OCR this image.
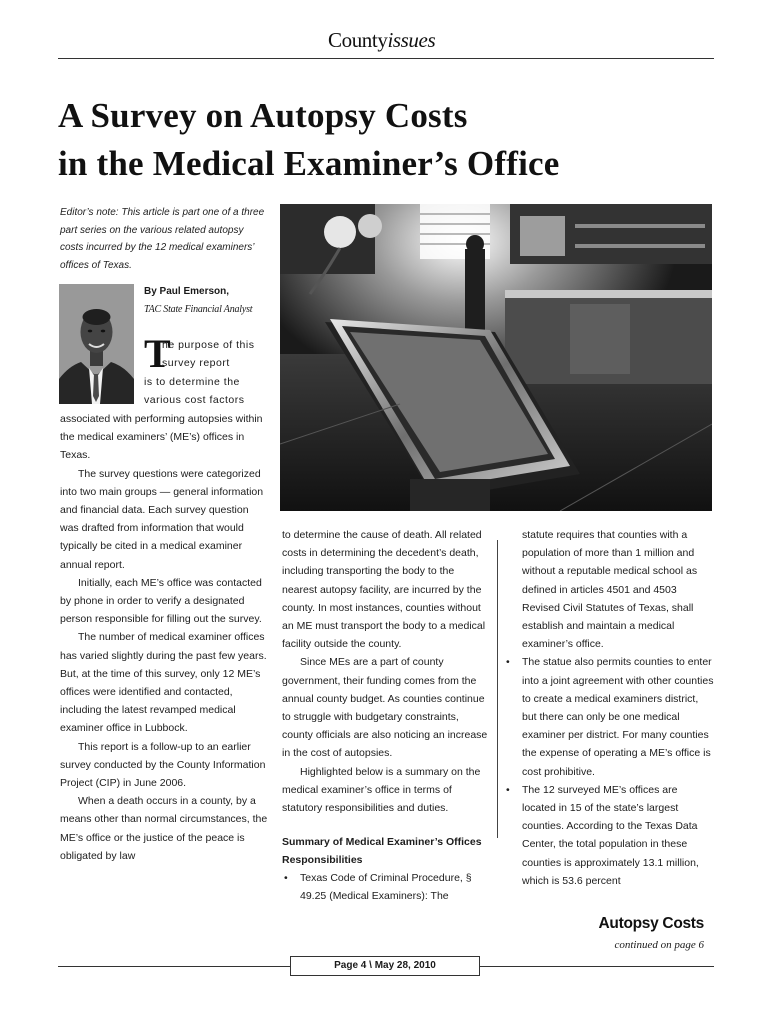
Countyissues
A Survey on Autopsy Costs
in the Medical Examiner’s Office
Editor’s note: This article is part one of a three part series on the various related autopsy costs incurred by the 12 medical examiners’ offices of Texas.
By Paul Emerson,
TAC State Financial Analyst
T
he purpose of this
survey report
is to determine the
various cost factors

associated with performing autopsies within the medical examiners’ (ME’s) offices in Texas.

The survey questions were categorized into two main groups — general information and financial data. Each survey question was drafted from information that would typically be cited in a medical examiner annual report.

Initially, each ME’s office was contacted by phone in order to verify a designated person responsible for filling out the survey.

The number of medical examiner offices has varied slightly during the past few years. But, at the time of this survey, only 12 ME’s offices were identified and contacted, including the latest revamped medical examiner office in Lubbock.

This report is a follow-up to an earlier survey conducted by the County Information Project (CIP) in June 2006.

When a death occurs in a county, by a means other than normal circumstances, the ME’s office or the justice of the peace is obligated by law

to determine the cause of death. All related costs in determining the decedent’s death, including transporting the body to the nearest autopsy facility, are incurred by the county. In most instances, counties without an ME must transport the body to a medical facility outside the county.

Since MEs are a part of county government, their funding comes from the annual county budget. As counties continue to struggle with budgetary constraints, county officials are also noticing an increase in the cost of autopsies.

Highlighted below is a summary on the medical examiner’s office in terms of statutory responsibilities and duties.

Summary of Medical Examiner’s Offices Responsibilities
• Texas Code of Criminal Procedure, § 49.25 (Medical Examiners): The

statute requires that counties with a population of more than 1 million and without a reputable medical school as defined in articles 4501 and 4503 Revised Civil Statutes of Texas, shall establish and maintain a medical examiner’s office.

• The statue also permits counties to enter into a joint agreement with other counties to create a medical examiners district, but there can only be one medical examiner per district. For many counties the expense of operating a ME’s office is cost prohibitive.
• The 12 surveyed ME’s offices are located in 15 of the state’s largest counties. According to the Texas Data Center, the total population in these counties is approximately 13.1 million, which is 53.6 percent
Autopsy Costs
continued on page 6
Page 4 \ May 28, 2010
